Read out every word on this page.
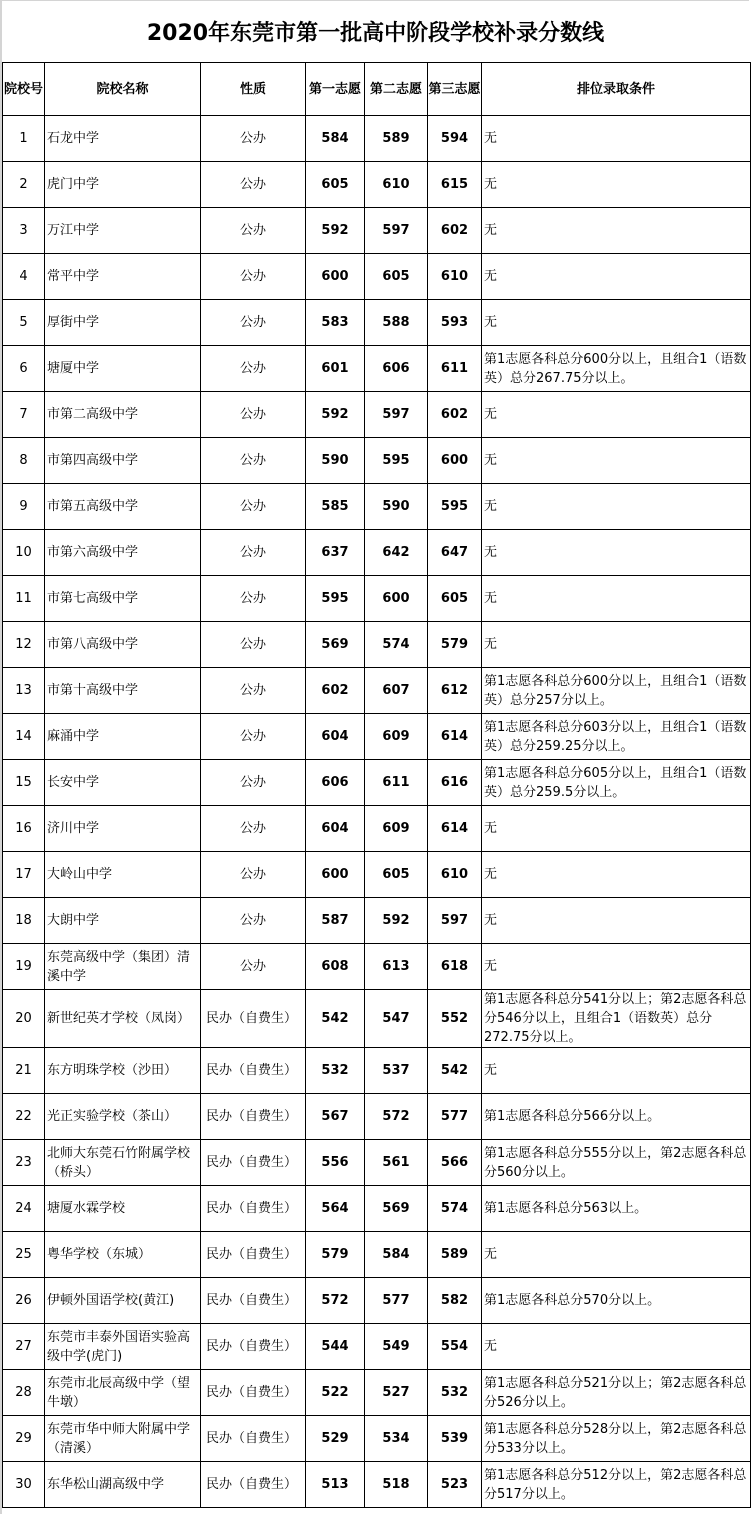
2020年东莞市第一批高中阶段学校补录分数线
院校号	院校名称	性质	第一志愿	第二志愿	第三志愿	排位录取条件
1	石龙中学	公办	584	589	594	无
2	虎门中学	公办	605	610	615	无
3	万江中学	公办	592	597	602	无
4	常平中学	公办	600	605	610	无
5	厚街中学	公办	583	588	593	无
6	塘厦中学	公办	601	606	611	第1志愿各科总分600分以上，且组合1（语数英）总分267.75分以上。
7	市第二高级中学	公办	592	597	602	无
8	市第四高级中学	公办	590	595	600	无
9	市第五高级中学	公办	585	590	595	无
10	市第六高级中学	公办	637	642	647	无
11	市第七高级中学	公办	595	600	605	无
12	市第八高级中学	公办	569	574	579	无
13	市第十高级中学	公办	602	607	612	第1志愿各科总分600分以上，且组合1（语数英）总分257分以上。
14	麻涌中学	公办	604	609	614	第1志愿各科总分603分以上，且组合1（语数英）总分259.25分以上。
15	长安中学	公办	606	611	616	第1志愿各科总分605分以上，且组合1（语数英）总分259.5分以上。
16	济川中学	公办	604	609	614	无
17	大岭山中学	公办	600	605	610	无
18	大朗中学	公办	587	592	597	无
19	东莞高级中学（集团）清溪中学	公办	608	613	618	无
20	新世纪英才学校（凤岗）	民办（自费生）	542	547	552	第1志愿各科总分541分以上；第2志愿各科总分546分以上，且组合1（语数英）总分272.75分以上。
21	东方明珠学校（沙田）	民办（自费生）	532	537	542	无
22	光正实验学校（茶山）	民办（自费生）	567	572	577	第1志愿各科总分566分以上。
23	北师大东莞石竹附属学校（桥头）	民办（自费生）	556	561	566	第1志愿各科总分555分以上，第2志愿各科总分560分以上。
24	塘厦水霖学校	民办（自费生）	564	569	574	第1志愿各科总分563以上。
25	粤华学校（东城）	民办（自费生）	579	584	589	无
26	伊顿外国语学校(黄江)	民办（自费生）	572	577	582	第1志愿各科总分570分以上。
27	东莞市丰泰外国语实验高级中学(虎门)	民办（自费生）	544	549	554	无
28	东莞市北辰高级中学（望牛墩）	民办（自费生）	522	527	532	第1志愿各科总分521分以上；第2志愿各科总分526分以上。
29	东莞市华中师大附属中学（清溪）	民办（自费生）	529	534	539	第1志愿各科总分528分以上，第2志愿各科总分533分以上。
30	东华松山湖高级中学	民办（自费生）	513	518	523	第1志愿各科总分512分以上，第2志愿各科总分517分以上。
